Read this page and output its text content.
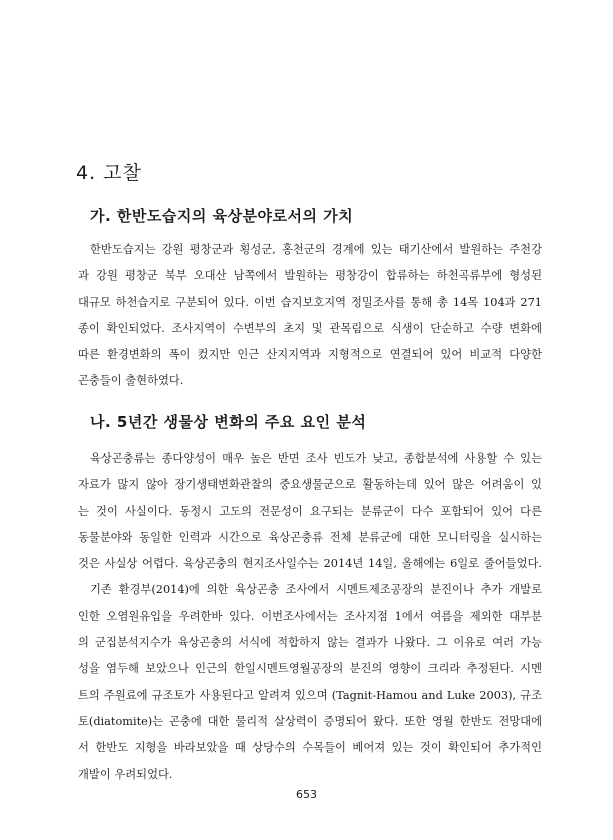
4. 고찰
가. 한반도습지의 육상분야로서의 가치
한반도습지는 강원 평창군과 횡성군, 홍천군의 경계에 있는 태기산에서 발원하는 주천강
과 강원 평창군 북부 오대산 남쪽에서 발원하는 평창강이 합류하는 하천곡류부에 형성된
대규모 하천습지로 구분되어 있다. 이번 습지보호지역 정밀조사를 통해 총 14목 104과 271
종이 확인되었다. 조사지역이 수변부의 초지 및 관목림으로 식생이 단순하고 수량 변화에
따른 환경변화의 폭이 컸지만 인근 산지지역과 지형적으로 연결되어 있어 비교적 다양한
곤충들이 출현하였다.
나. 5년간 생물상 변화의 주요 요인 분석
육상곤충류는 종다양성이 매우 높은 반면 조사 빈도가 낮고, 종합분석에 사용할 수 있는
자료가 많지 않아 장기생태변화관찰의 중요생물군으로 활동하는데 있어 많은 어려움이 있
는 것이 사실이다. 동정시 고도의 전문성이 요구되는 분류군이 다수 포함되어 있어 다른
동물분야와 동일한 인력과 시간으로 육상곤충류 전체 분류군에 대한 모니터링을 실시하는
것은 사실상 어렵다. 육상곤충의 현지조사일수는 2014년 14일, 올해에는 6일로 줄어들었다.
기존 환경부(2014)에 의한 육상곤충 조사에서 시멘트제조공장의 분진이나 추가 개발로
인한 오염원유입을 우려한바 있다. 이번조사에서는 조사지점 1에서 여름을 제외한 대부분
의 군집분석지수가 육상곤충의 서식에 적합하지 않는 결과가 나왔다. 그 이유로 여러 가능
성을 염두해 보았으나 인근의 한일시멘트영월공장의 분진의 영향이 크리라 추정된다. 시멘
트의 주원료에 규조토가 사용된다고 알려져 있으며 (Tagnit-Hamou and Luke 2003), 규조
토(diatomite)는 곤충에 대한 물리적 살상력이 증명되어 왔다. 또한 영월 한반도 전망대에
서 한반도 지형을 바라보았을 때 상당수의 수목들이 베어져 있는 것이 확인되어 추가적인
개발이 우려되었다.
653
